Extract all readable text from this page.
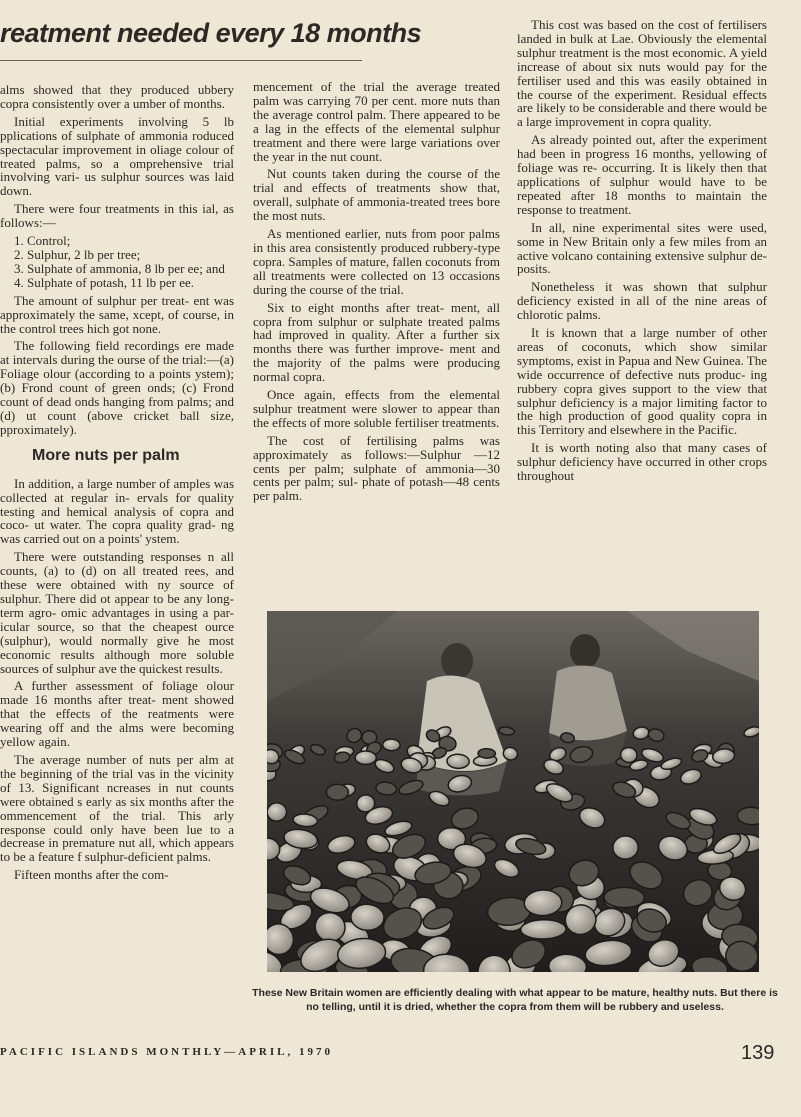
reatment needed every 18 months

alms showed that they produced ubbery copra consistently over a umber of months.

Initial experiments involving 5 lb pplications of sulphate of ammonia roduced spectacular improvement in oliage colour of treated palms, so a omprehensive trial involving vari- us sulphur sources was laid down.

There were four treatments in this ial, as follows:—

1. Control;

2. Sulphur, 2 lb per tree;

3. Sulphate of ammonia, 8 lb per ee; and

4. Sulphate of potash, 11 lb per ee.

The amount of sulphur per treat- ent was approximately the same, xcept, of course, in the control trees hich got none.

The following field recordings ere made at intervals during the ourse of the trial:—(a) Foliage olour (according to a points ystem); (b) Frond count of green onds; (c) Frond count of dead onds hanging from palms; and (d) ut count (above cricket ball size, pproximately).

More nuts per palm

In addition, a large number of amples was collected at regular in- ervals for quality testing and hemical analysis of copra and coco- ut water. The copra quality grad- ng was carried out on a points' ystem.

There were outstanding responses n all counts, (a) to (d) on all treated rees, and these were obtained with ny source of sulphur. There did ot appear to be any long-term agro- omic advantages in using a par- icular source, so that the cheapest ource (sulphur), would normally give he most economic results although more soluble sources of sulphur ave the quickest results.

A further assessment of foliage olour made 16 months after treat- ment showed that the effects of the reatments were wearing off and the alms were becoming yellow again.

The average number of nuts per alm at the beginning of the trial vas in the vicinity of 13. Significant ncreases in nut counts were obtained s early as six months after the ommencement of the trial. This arly response could only have been lue to a decrease in premature nut all, which appears to be a feature f sulphur-deficient palms.

Fifteen months after the com-

mencement of the trial the average treated palm was carrying 70 per cent. more nuts than the average control palm. There appeared to be a lag in the effects of the elemental sulphur treatment and there were large variations over the year in the nut count.

Nut counts taken during the course of the trial and effects of treatments show that, overall, sulphate of ammonia-treated trees bore the most nuts.

As mentioned earlier, nuts from poor palms in this area consistently produced rubbery-type copra. Samples of mature, fallen coconuts from all treatments were collected on 13 occasions during the course of the trial.

Six to eight months after treat- ment, all copra from sulphur or sulphate treated palms had improved in quality. After a further six months there was further improve- ment and the majority of the palms were producing normal copra.

Once again, effects from the elemental sulphur treatment were slower to appear than the effects of more soluble fertiliser treatments.

The cost of fertilising palms was approximately as follows:—Sulphur —12 cents per palm; sulphate of ammonia—30 cents per palm; sul- phate of potash—48 cents per palm.

This cost was based on the cost of fertilisers landed in bulk at Lae. Obviously the elemental sulphur treatment is the most economic. A yield increase of about six nuts would pay for the fertiliser used and this was easily obtained in the course of the experiment. Residual effects are likely to be considerable and there would be a large improvement in copra quality.

As already pointed out, after the experiment had been in progress 16 months, yellowing of foliage was re- occurring. It is likely then that applications of sulphur would have to be repeated after 18 months to maintain the response to treatment.

In all, nine experimental sites were used, some in New Britain only a few miles from an active volcano containing extensive sulphur de- posits.

Nonetheless it was shown that sulphur deficiency existed in all of the nine areas of chlorotic palms.

It is known that a large number of other areas of coconuts, which show similar symptoms, exist in Papua and New Guinea. The wide occurrence of defective nuts produc- ing rubbery copra gives support to the view that sulphur deficiency is a major limiting factor to the high production of good quality copra in this Territory and elsewhere in the Pacific.

It is worth noting also that many cases of sulphur deficiency have occurred in other crops throughout

These New Britain women are efficiently dealing with what appear to be mature, healthy nuts. But there is no telling, until it is dried, whether the copra from them will be rubbery and useless.

PACIFIC ISLANDS MONTHLY—APRIL, 1970	139
